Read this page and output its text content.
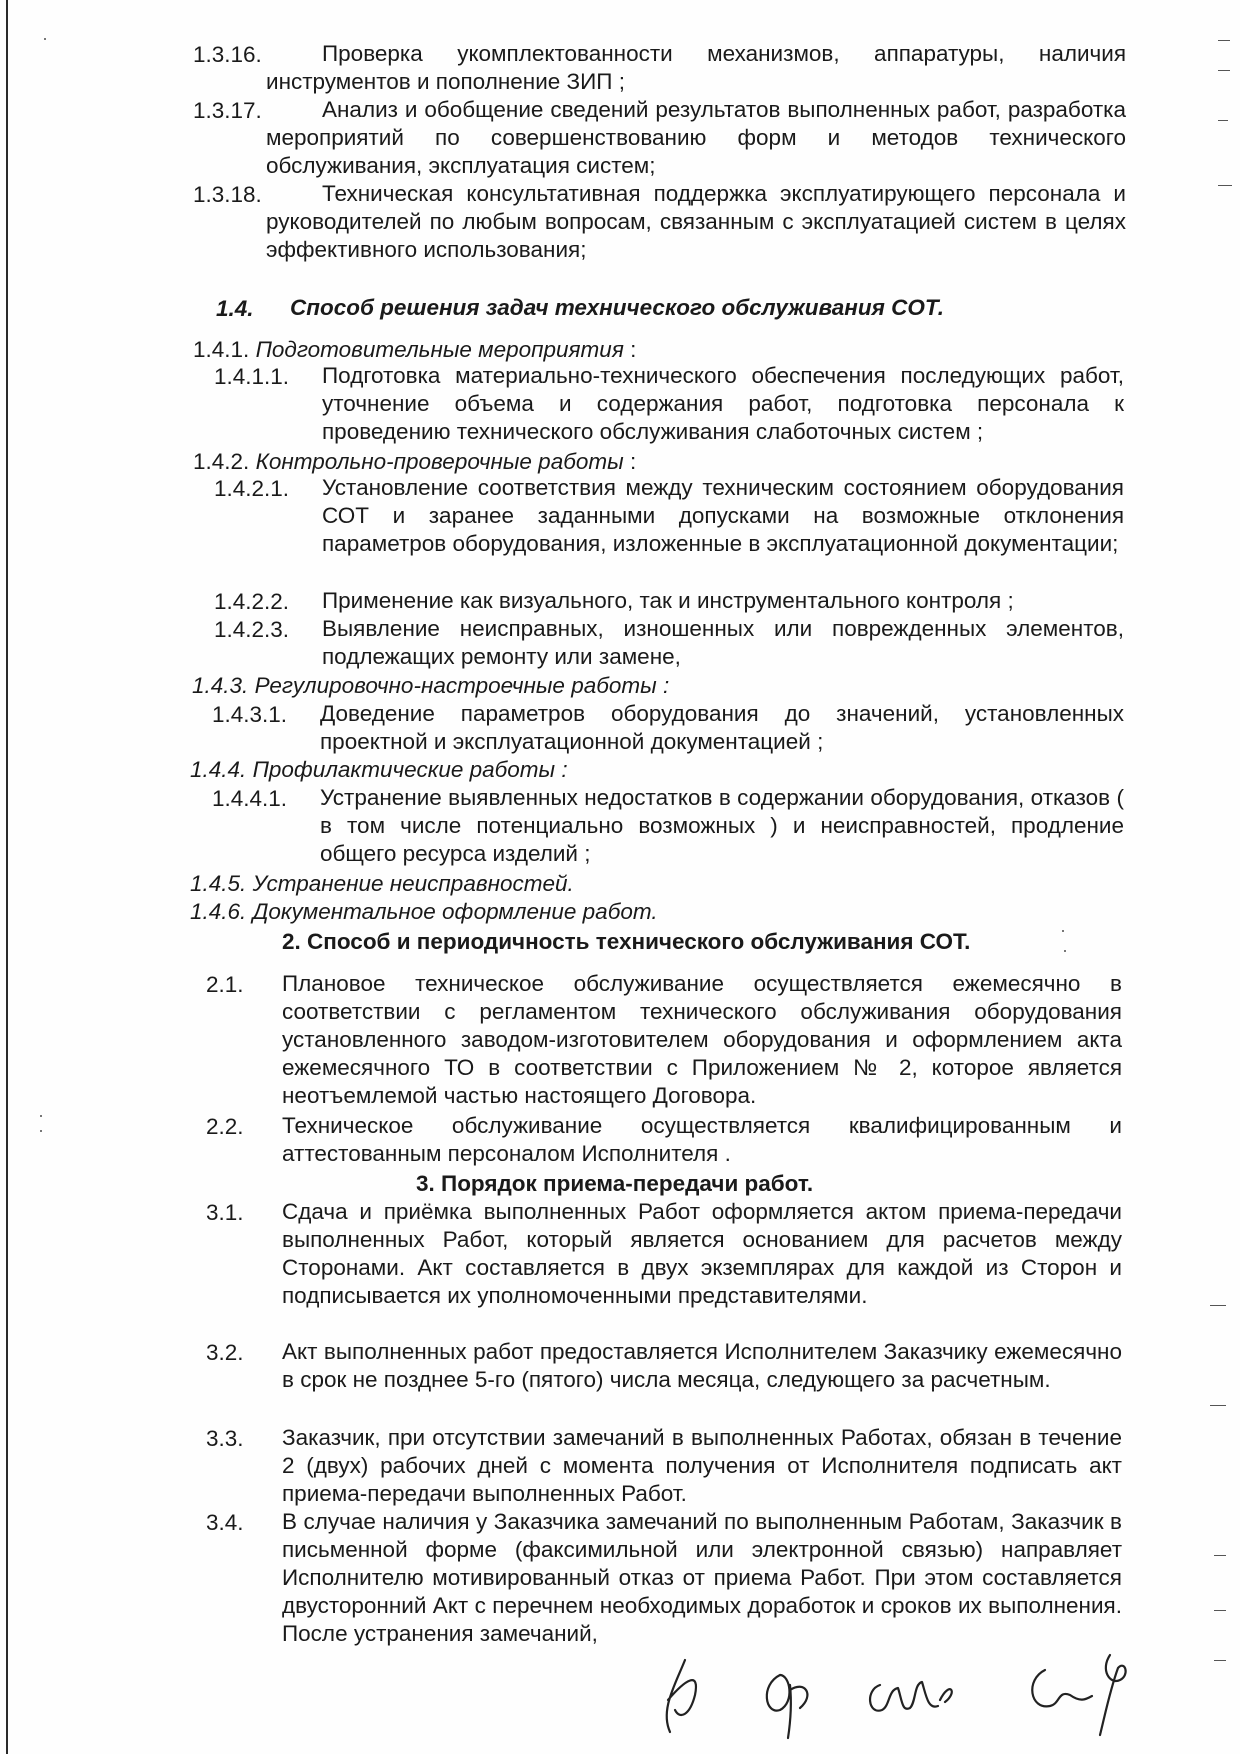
1.3.16.	Проверка укомплектованности механизмов, аппаратуры, наличия инструментов и пополнение ЗИП ;
1.3.17.	Анализ и обобщение сведений результатов выполненных работ, разработка мероприятий по совершенствованию форм и методов технического обслуживания, эксплуатация систем;
1.3.18.	Техническая консультативная поддержка эксплуатирующего персонала и руководителей по любым вопросам, связанным с эксплуатацией систем в целях эффективного использования;
1.4. Способ решения задач технического обслуживания СОТ.
1.4.1. Подготовительные мероприятия :
1.4.1.1. Подготовка материально-технического обеспечения последующих работ, уточнение объема и содержания работ, подготовка персонала к проведению технического обслуживания слаботочных систем ;
1.4.2. Контрольно-проверочные работы :
1.4.2.1. Установление соответствия между техническим состоянием оборудования СОТ и заранее заданными допусками на возможные отклонения параметров оборудования, изложенные в эксплуатационной документации;
1.4.2.2. Применение как визуального, так и инструментального контроля ;
1.4.2.3. Выявление неисправных, изношенных или поврежденных элементов, подлежащих ремонту или замене,
1.4.3. Регулировочно-настроечные работы :
1.4.3.1. Доведение параметров оборудования до значений, установленных проектной и эксплуатационной документацией ;
1.4.4. Профилактические работы :
1.4.4.1. Устранение выявленных недостатков в содержании оборудования, отказов ( в том числе потенциально возможных ) и неисправностей, продление общего ресурса изделий ;
1.4.5. Устранение неисправностей.
1.4.6. Документальное оформление работ.
2. Способ и периодичность технического обслуживания СОТ.
2.1. Плановое техническое обслуживание осуществляется ежемесячно в соответствии с регламентом технического обслуживания оборудования установленного заводом-изготовителем оборудования и оформлением акта ежемесячного ТО в соответствии с Приложением № 2, которое является неотъемлемой частью настоящего Договора.
2.2. Техническое обслуживание осуществляется квалифицированным и аттестованным персоналом Исполнителя .
3. Порядок приема-передачи работ.
3.1. Сдача и приёмка выполненных Работ оформляется актом приема-передачи выполненных Работ, который является основанием для расчетов между Сторонами. Акт составляется в двух экземплярах для каждой из Сторон и подписывается их уполномоченными представителями.
3.2. Акт выполненных работ предоставляется Исполнителем Заказчику ежемесячно в срок не позднее 5-го (пятого) числа месяца, следующего за расчетным.
3.3. Заказчик, при отсутствии замечаний в выполненных Работах, обязан в течение 2 (двух) рабочих дней с момента получения от Исполнителя подписать акт приема-передачи выполненных Работ.
3.4. В случае наличия у Заказчика замечаний по выполненным Работам, Заказчик в письменной форме (факсимильной или электронной связью) направляет Исполнителю мотивированный отказ от приема Работ. При этом составляется двусторонний Акт с перечнем необходимых доработок и сроков их выполнения. После устранения замечаний,
